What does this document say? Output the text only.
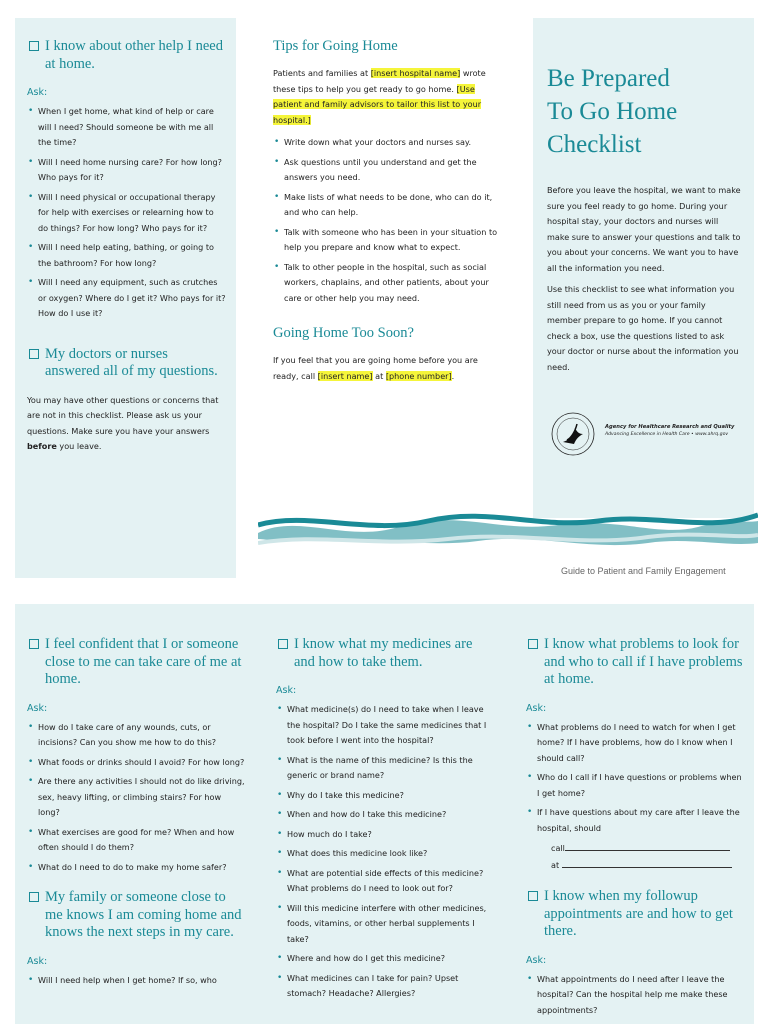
I know about other help I need at home.
Ask:
• When I get home, what kind of help or care will I need? Should someone be with me all the time?
• Will I need home nursing care? For how long? Who pays for it?
• Will I need physical or occupational therapy for help with exercises or relearning how to do things? For how long? Who pays for it?
• Will I need help eating, bathing, or going to the bathroom? For how long?
• Will I need any equipment, such as crutches or oxygen? Where do I get it? Who pays for it? How do I use it?
My doctors or nurses answered all of my questions.

You may have other questions or concerns that are not in this checklist. Please ask us your questions. Make sure you have your answers before you leave.

Tips for Going Home

Patients and families at [insert hospital name] wrote these tips to help you get ready to go home. [Use patient and family advisors to tailor this list to your hospital.]

• Write down what your doctors and nurses say.
• Ask questions until you understand and get the answers you need.
• Make lists of what needs to be done, who can do it, and who can help.
• Talk with someone who has been in your situation to help you prepare and know what to expect.
• Talk to other people in the hospital, such as social workers, chaplains, and other patients, about your care or other help you may need.
Going Home Too Soon?

If you feel that you are going home before you are ready, call [insert name] at [phone number].

Be Prepared
To Go Home
Checklist

Before you leave the hospital, we want to make sure you feel ready to go home. During your hospital stay, your doctors and nurses will make sure to answer your questions and talk to you about your concerns. We want you to have all the information you need.

Use this checklist to see what information you still need from us as you or your family member prepare to go home. If you cannot check a box, use the questions listed to ask your doctor or nurse about the information you need.

Agency for Healthcare Research and Quality
Advancing Excellence in Health Care • www.ahrq.gov
Guide to Patient and Family Engagement
I feel confident that I or someone close to me can take care of me at home.
Ask:
• How do I take care of any wounds, cuts, or incisions? Can you show me how to do this?
• What foods or drinks should I avoid? For how long?
• Are there any activities I should not do like driving, sex, heavy lifting, or climbing stairs? For how long?
• What exercises are good for me? When and how often should I do them?
• What do I need to do to make my home safer?
My family or someone close to me knows I am coming home and knows the next steps in my care.
Ask:
• Will I need help when I get home? If so, who
I know what my medicines are and how to take them.
Ask:
• What medicine(s) do I need to take when I leave the hospital? Do I take the same medicines that I took before I went into the hospital?
• What is the name of this medicine? Is this the generic or brand name?
• Why do I take this medicine?
• When and how do I take this medicine?
• How much do I take?
• What does this medicine look like?
• What are potential side effects of this medicine? What problems do I need to look out for?
• Will this medicine interfere with other medicines, foods, vitamins, or other herbal supplements I take?
• Where and how do I get this medicine?
• What medicines can I take for pain? Upset stomach? Headache? Allergies?
I know what problems to look for and who to call if I have problems at home.
Ask:
• What problems do I need to watch for when I get home? If I have problems, how do I know when I should call?
• Who do I call if I have questions or problems when I get home?
• If I have questions about my care after I leave the hospital, should
call
at
I know when my followup appointments are and how to get there.
Ask:
• What appointments do I need after I leave the hospital? Can the hospital help me make these appointments?
